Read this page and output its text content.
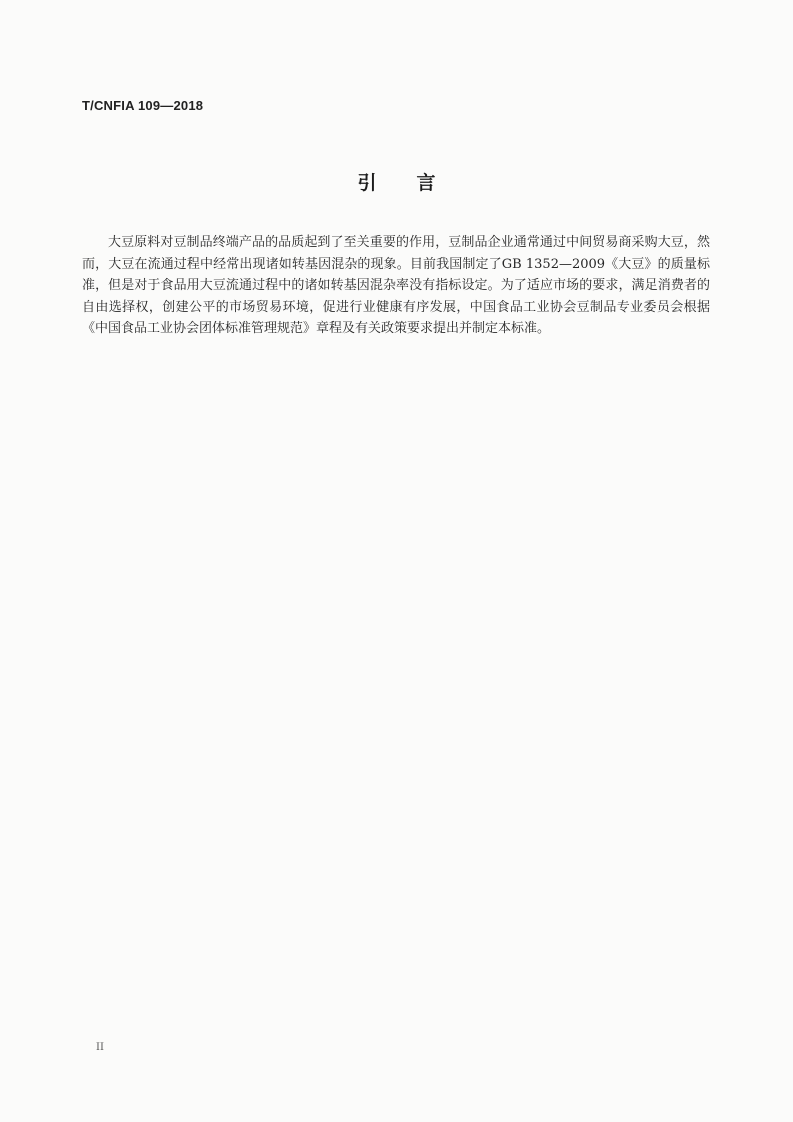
T/CNFIA 109—2018
引言

大豆原料对豆制品终端产品的品质起到了至关重要的作用，豆制品企业通常通过中间贸易商采购大豆，然而，大豆在流通过程中经常出现诸如转基因混杂的现象。目前我国制定了GB 1352—2009《大豆》的质量标准，但是对于食品用大豆流通过程中的诸如转基因混杂率没有指标设定。为了适应市场的要求，满足消费者的自由选择权，创建公平的市场贸易环境，促进行业健康有序发展，中国食品工业协会豆制品专业委员会根据《中国食品工业协会团体标准管理规范》章程及有关政策要求提出并制定本标准。

II
